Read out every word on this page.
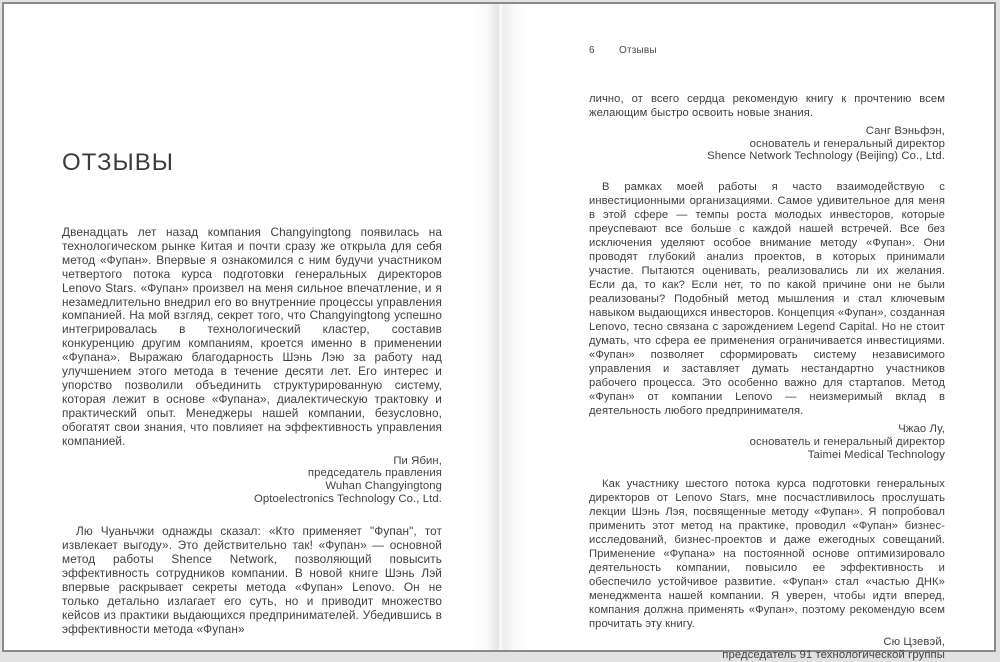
ОТЗЫВЫ

Двенадцать лет назад компания Changyingtong появилась на технологическом рынке Китая и почти сразу же открыла для себя метод «Фупан». Впервые я ознакомился с ним будучи участником четвертого потока курса подготовки генеральных директоров Lenovo Stars. «Фупан» произвел на меня сильное впечатление, и я незамедлительно внедрил его во внутренние процессы управления компанией. На мой взгляд, секрет того, что Changyingtong успешно интегрировалась в технологический кластер, составив конкуренцию другим компаниям, кроется именно в применении «Фупана». Выражаю благодарность Шэнь Лэю за работу над улучшением этого метода в течение десяти лет. Его интерес и упорство позволили объединить структурированную систему, которая лежит в основе «Фупана», диалектическую трактовку и практический опыт. Менеджеры нашей компании, безусловно, обогатят свои знания, что повлияет на эффективность управления компанией.

Пи Ябин,
председатель правления
Wuhan Changyingtong
Optoelectronics Technology Co., Ltd.

Лю Чуаньчжи однажды сказал: «Кто применяет "Фупан", тот извлекает выгоду». Это действительно так! «Фупан» — основной метод работы Shence Network, позволяющий повысить эффективность сотрудников компании. В новой книге Шэнь Лэй впервые раскрывает секреты метода «Фупан» Lenovo. Он не только детально излагает его суть, но и приводит множество кейсов из практики выдающихся предпринимателей. Убедившись в эффективности метода «Фупан»

6	Отзывы

лично, от всего сердца рекомендую книгу к прочтению всем желающим быстро освоить новые знания.

Санг Вэньфэн,
основатель и генеральный директор
Shence Network Technology (Beijing) Co., Ltd.

В рамках моей работы я часто взаимодействую с инвестиционными организациями. Самое удивительное для меня в этой сфере — темпы роста молодых инвесторов, которые преуспевают все больше с каждой нашей встречей. Все без исключения уделяют особое внимание методу «Фупан». Они проводят глубокий анализ проектов, в которых принимали участие. Пытаются оценивать, реализовались ли их желания. Если да, то как? Если нет, то по какой причине они не были реализованы? Подобный метод мышления и стал ключевым навыком выдающихся инвесторов. Концепция «Фупан», созданная Lenovo, тесно связана с зарождением Legend Capital. Но не стоит думать, что сфера ее применения ограничивается инвестициями. «Фупан» позволяет сформировать систему независимого управления и заставляет думать нестандартно участников рабочего процесса. Это особенно важно для стартапов. Метод «Фупан» от компании Lenovo — неизмеримый вклад в деятельность любого предпринимателя.

Чжао Лу,
основатель и генеральный директор
Taimei Medical Technology

Как участнику шестого потока курса подготовки генеральных директоров от Lenovo Stars, мне посчастливилось прослушать лекции Шэнь Лэя, посвященные методу «Фупан». Я попробовал применить этот метод на практике, проводил «Фупан» бизнес-исследований, бизнес-проектов и даже ежегодных совещаний. Применение «Фупана» на постоянной основе оптимизировало деятельность компании, повысило ее эффективность и обеспечило устойчивое развитие. «Фупан» стал «частью ДНК» менеджмента нашей компании. Я уверен, чтобы идти вперед, компания должна применять «Фупан», поэтому рекомендую всем прочитать эту книгу.

Сю Цзевэй,
председатель 91 технологической группы
